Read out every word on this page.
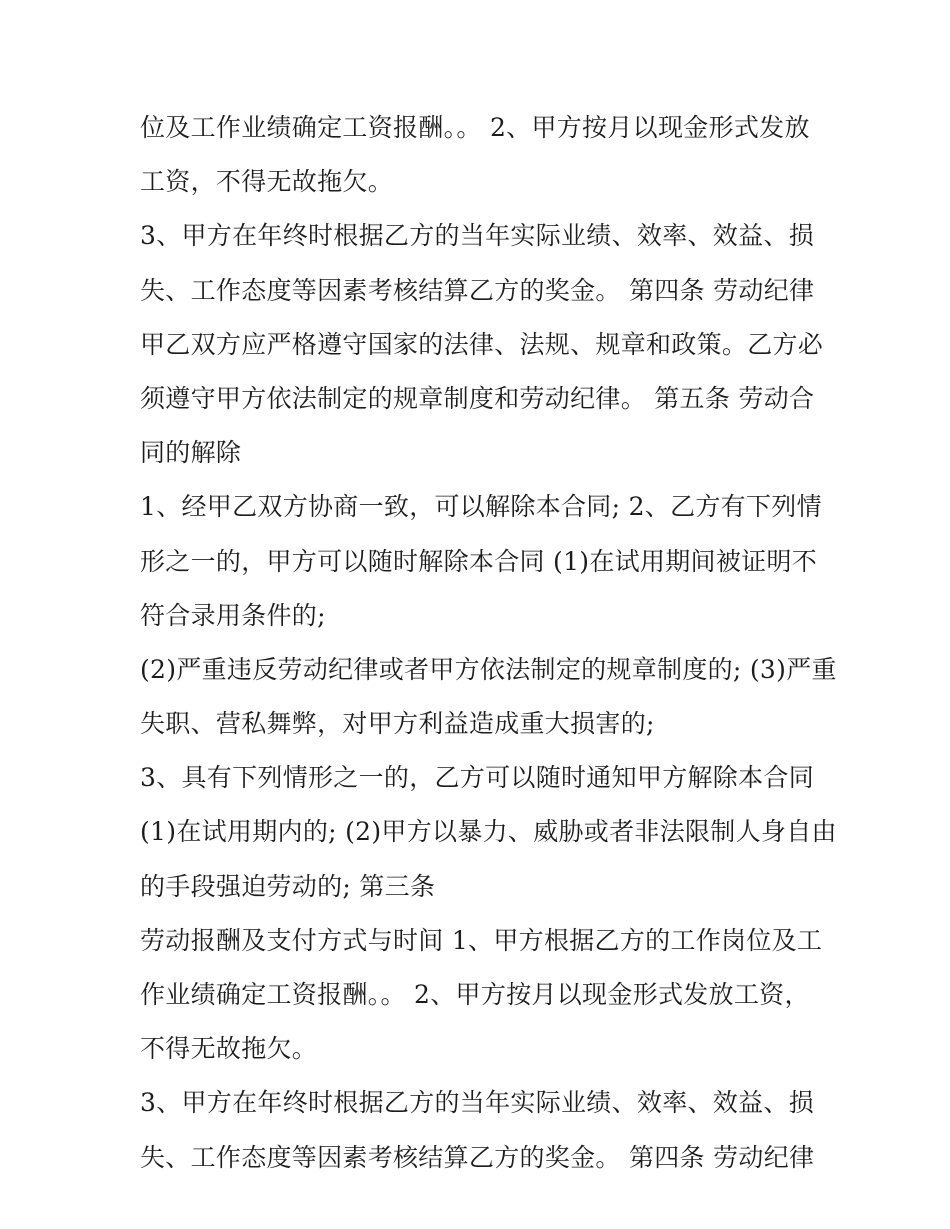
位及工作业绩确定工资报酬。。 2、甲方按月以现金形式发放
工资，不得无故拖欠。
3、甲方在年终时根据乙方的当年实际业绩、效率、效益、损
失、工作态度等因素考核结算乙方的奖金。 第四条 劳动纪律
甲乙双方应严格遵守国家的法律、法规、规章和政策。乙方必
须遵守甲方依法制定的规章制度和劳动纪律。 第五条 劳动合
同的解除
1、经甲乙双方协商一致，可以解除本合同; 2、乙方有下列情
形之一的，甲方可以随时解除本合同 (1)在试用期间被证明不
符合录用条件的;
(2)严重违反劳动纪律或者甲方依法制定的规章制度的; (3)严重
失职、营私舞弊，对甲方利益造成重大损害的;
3、具有下列情形之一的，乙方可以随时通知甲方解除本合同
(1)在试用期内的; (2)甲方以暴力、威胁或者非法限制人身自由
的手段强迫劳动的; 第三条
劳动报酬及支付方式与时间 1、甲方根据乙方的工作岗位及工
作业绩确定工资报酬。。 2、甲方按月以现金形式发放工资，
不得无故拖欠。
3、甲方在年终时根据乙方的当年实际业绩、效率、效益、损
失、工作态度等因素考核结算乙方的奖金。 第四条 劳动纪律
